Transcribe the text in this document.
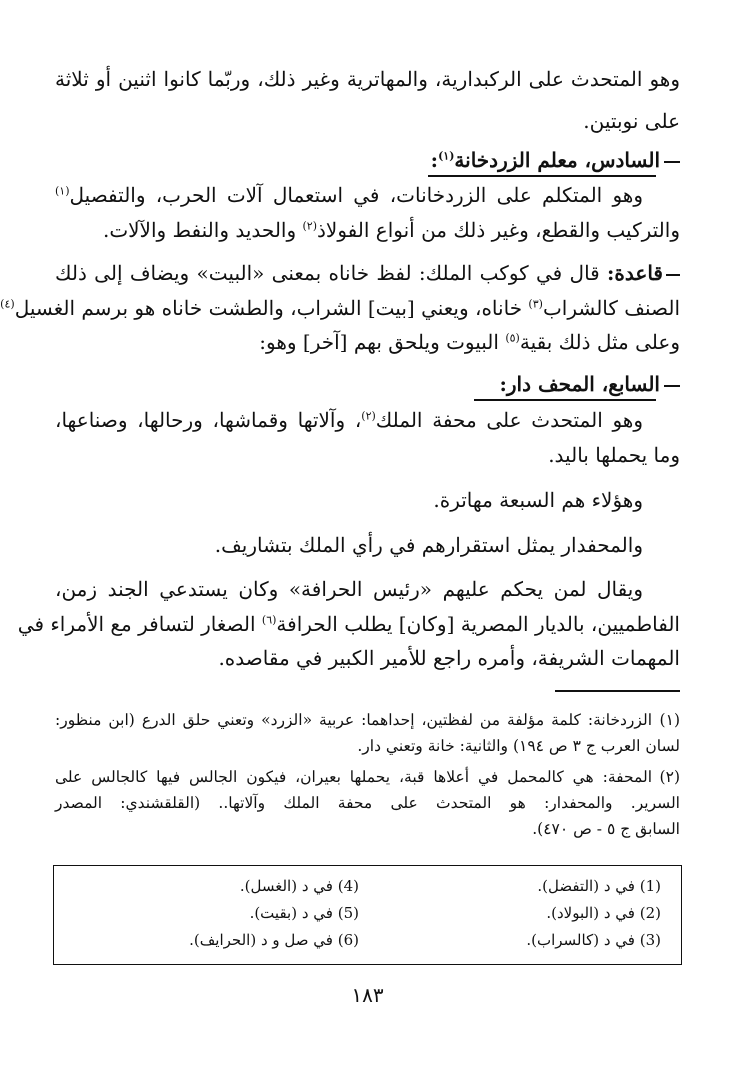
وهو المتحدث على الركبدارية، والمهاترية وغير ذلك، وربّما كانوا اثنين أو ثلاثة

على نوبتين.

السادس، معلم الزردخانة$^{(١)}$:

وهو المتكلم على الزردخانات، في استعمال آلات الحرب، والتفصيل$^{(١)}$

والتركيب والقطع، وغير ذلك من أنواع الفولاذ$^{(٢)}$ والحديد والنفط والآلات.

قاعدة: قال في كوكب الملك: لفظ خاناه بمعنى «البيت» ويضاف إلى ذلك

الصنف كالشراب$^{(٣)}$ خاناه، ويعني [بيت] الشراب، والطشت خاناه هو برسم الغسيل$^{(٤)}$

وعلى مثل ذلك بقية$^{(٥)}$ البيوت ويلحق بهم [آخر] وهو:

السابع، المحف دار:

وهو المتحدث على محفة الملك$^{(٢)}$، وآلاتها وقماشها، ورحالها، وصناعها،

وما يحملها باليد.

وهؤلاء هم السبعة مهاترة.

والمحفدار يمثل استقرارهم في رأي الملك بتشاريف.

ويقال لمن يحكم عليهم «رئيس الحرافة» وكان يستدعي الجند زمن،

الفاطميين، بالديار المصرية [وكان] يطلب الحرافة$^{(٦)}$ الصغار لتسافر مع الأمراء في

المهمات الشريفة، وأمره راجع للأمير الكبير في مقاصده.

(١)

الزردخانة: كلمة مؤلفة من لفظتين، إحداهما: عربية «الزرد» وتعني حلق الدرع (ابن منظور:

لسان العرب ج ٣ ص ١٩٤) والثانية: خانة وتعني دار.

(٢)

المحفة: هي كالمحمل في أعلاها قبة، يحملها بعيران، فيكون الجالس فيها كالجالس على

السرير. والمحفدار: هو المتحدث على محفة الملك وآلاتها.. (القلقشندي: المصدر

السابق ج ٥ - ص ٤٧٠).

(1) في د (التفضل).

(2) في د (البولاد).

(3) في د (كالسراب).

(4) في د (الغسل).

(5) في د (بقيت).

(6) في صل و د (الحرايف).

١٨٣
